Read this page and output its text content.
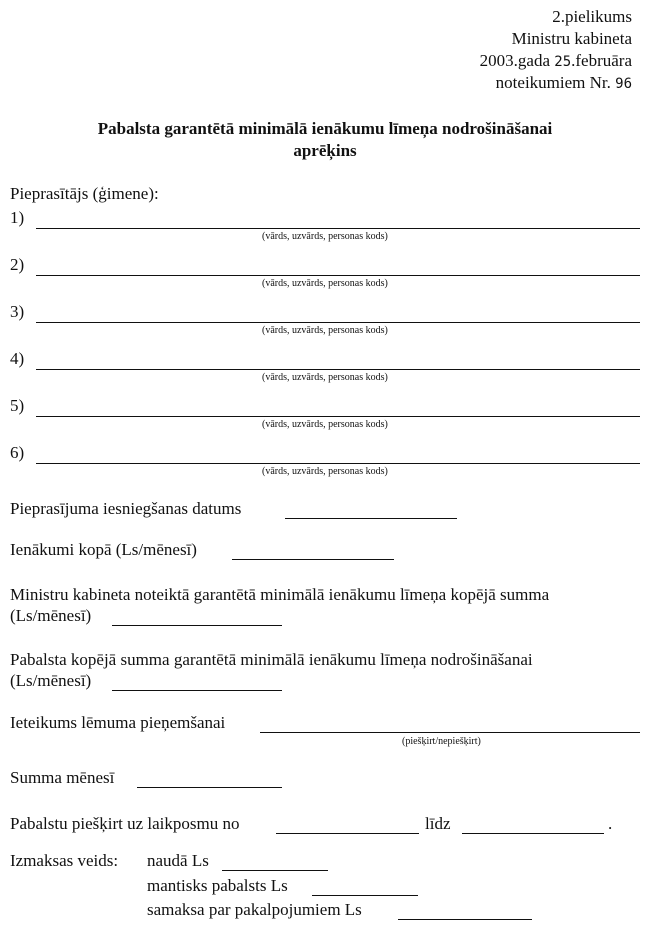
2.pielikums
Ministru kabineta
2003.gada 25.februāra
noteikumiem Nr. 96
Pabalsta garantētā minimālā ienākumu līmeņa nodrošināšanai
aprēķins
Pieprasītājs (ģimene):
1)
(vārds, uzvārds, personas kods)
2)
(vārds, uzvārds, personas kods)
3)
(vārds, uzvārds, personas kods)
4)
(vārds, uzvārds, personas kods)
5)
(vārds, uzvārds, personas kods)
6)
(vārds, uzvārds, personas kods)
Pieprasījuma iesniegšanas datums
Ienākumi kopā (Ls/mēnesī)
Ministru kabineta noteiktā garantētā minimālā ienākumu līmeņa kopējā summa
(Ls/mēnesī)
Pabalsta kopējā summa garantētā minimālā ienākumu līmeņa nodrošināšanai
(Ls/mēnesī)
Ieteikums lēmuma pieņemšanai
(piešķirt/nepiešķirt)
Summa mēnesī
Pabalstu piešķirt uz laikposmu no	līdz	.
Izmaksas veids: naudā Ls
mantisks pabalsts Ls
samaksa par pakalpojumiem Ls
